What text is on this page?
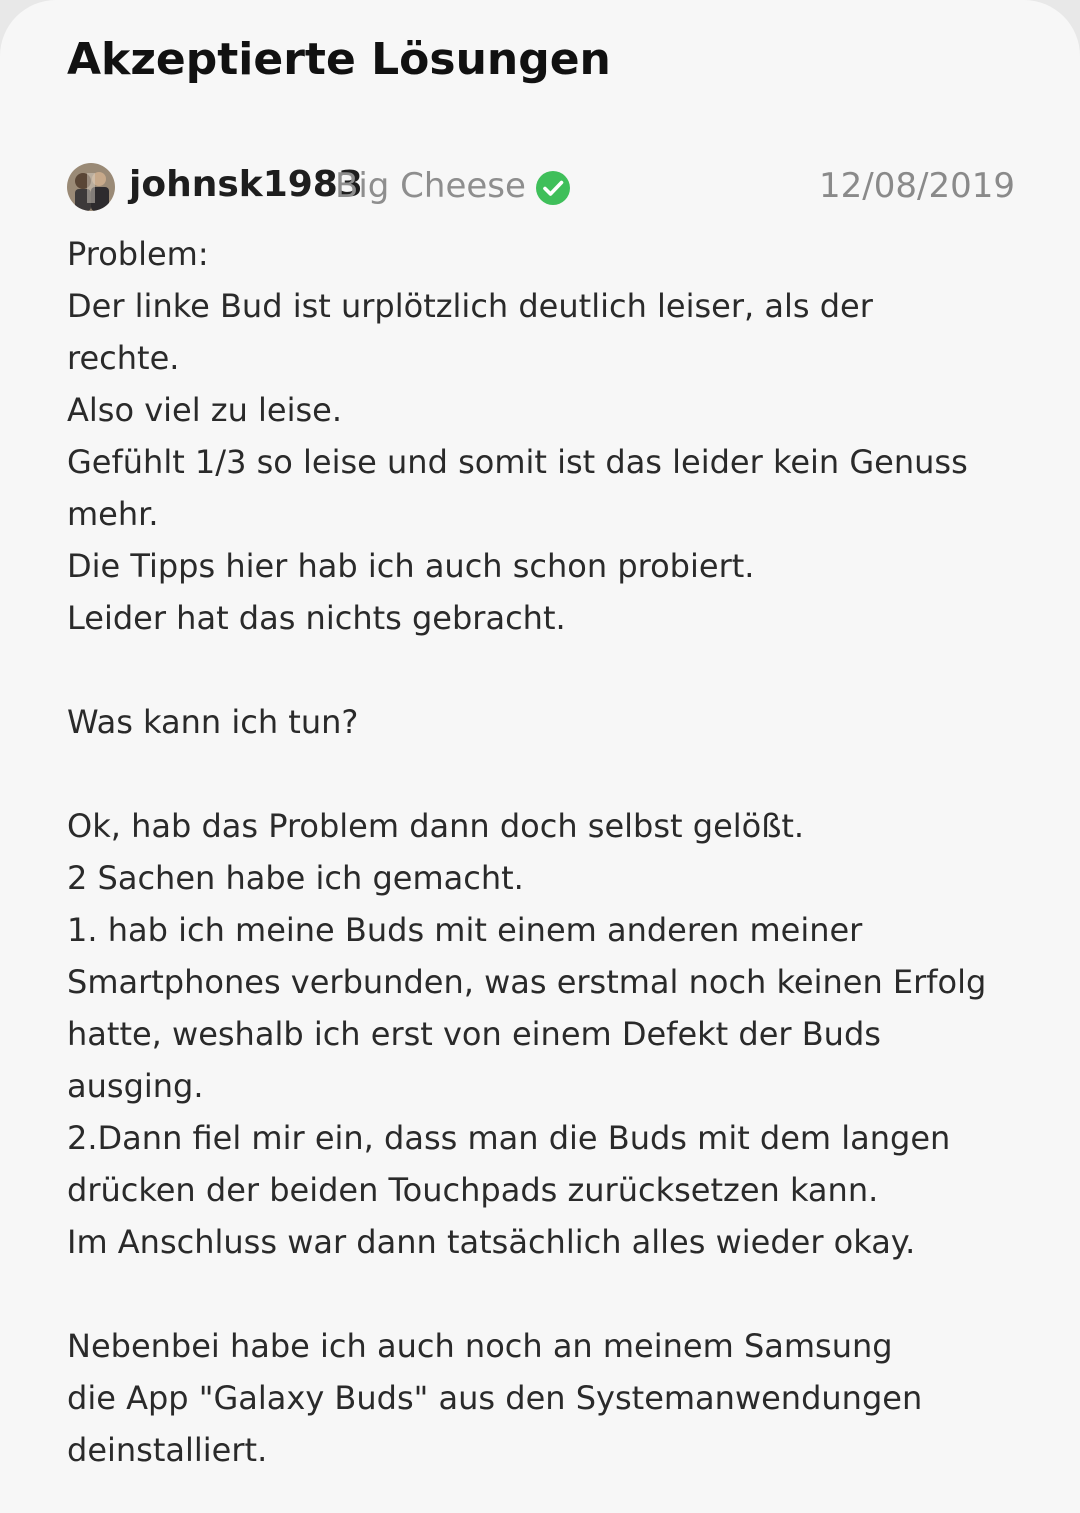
Akzeptierte Lösungen
johnsk1983
Big Cheese	12/08/2019
Problem:
Der linke Bud ist urplötzlich deutlich leiser, als der
rechte.
Also viel zu leise.
Gefühlt 1/3 so leise und somit ist das leider kein Genuss
mehr.
Die Tipps hier hab ich auch schon probiert.
Leider hat das nichts gebracht.
Was kann ich tun?
Ok, hab das Problem dann doch selbst gelößt.
2 Sachen habe ich gemacht.
1. hab ich meine Buds mit einem anderen meiner
Smartphones verbunden, was erstmal noch keinen Erfolg
hatte, weshalb ich erst von einem Defekt der Buds
ausging.
2.Dann fiel mir ein, dass man die Buds mit dem langen
drücken der beiden Touchpads zurücksetzen kann.
Im Anschluss war dann tatsächlich alles wieder okay.
Nebenbei habe ich auch noch an meinem Samsung
die App "Galaxy Buds" aus den Systemanwendungen
deinstalliert.
